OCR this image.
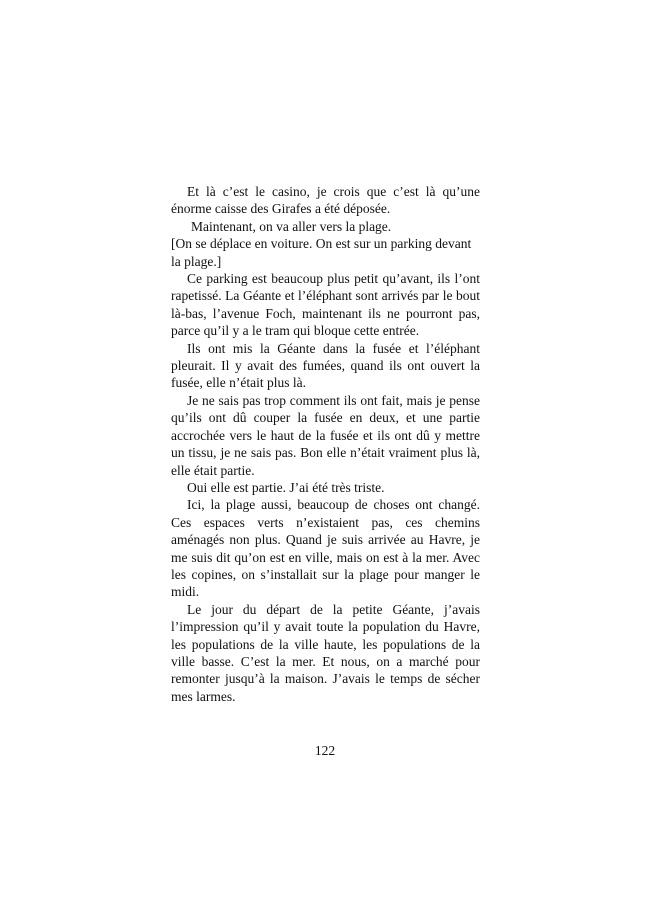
Et là c’est le casino, je crois que c’est là qu’une énorme caisse des Girafes a été déposée.

Maintenant, on va aller vers la plage.

[On se déplace en voiture. On est sur un parking devant la plage.]

Ce parking est beaucoup plus petit qu’avant, ils l’ont rapetissé. La Géante et l’éléphant sont arrivés par le bout là-bas, l’avenue Foch, maintenant ils ne pourront pas, parce qu’il y a le tram qui bloque cette entrée.

Ils ont mis la Géante dans la fusée et l’éléphant pleurait. Il y avait des fumées, quand ils ont ouvert la fusée, elle n’était plus là.

Je ne sais pas trop comment ils ont fait, mais je pense qu’ils ont dû couper la fusée en deux, et une partie accrochée vers le haut de la fusée et ils ont dû y mettre un tissu, je ne sais pas. Bon elle n’était vraiment plus là, elle était partie.

Oui elle est partie. J’ai été très triste.

Ici, la plage aussi, beaucoup de choses ont changé. Ces espaces verts n’existaient pas, ces chemins aménagés non plus. Quand je suis arrivée au Havre, je me suis dit qu’on est en ville, mais on est à la mer. Avec les copines, on s’installait sur la plage pour manger le midi.

Le jour du départ de la petite Géante, j’avais l’impression qu’il y avait toute la population du Havre, les populations de la ville haute, les populations de la ville basse. C’est la mer. Et nous, on a marché pour remonter jusqu’à la maison. J’avais le temps de sécher mes larmes.

122
